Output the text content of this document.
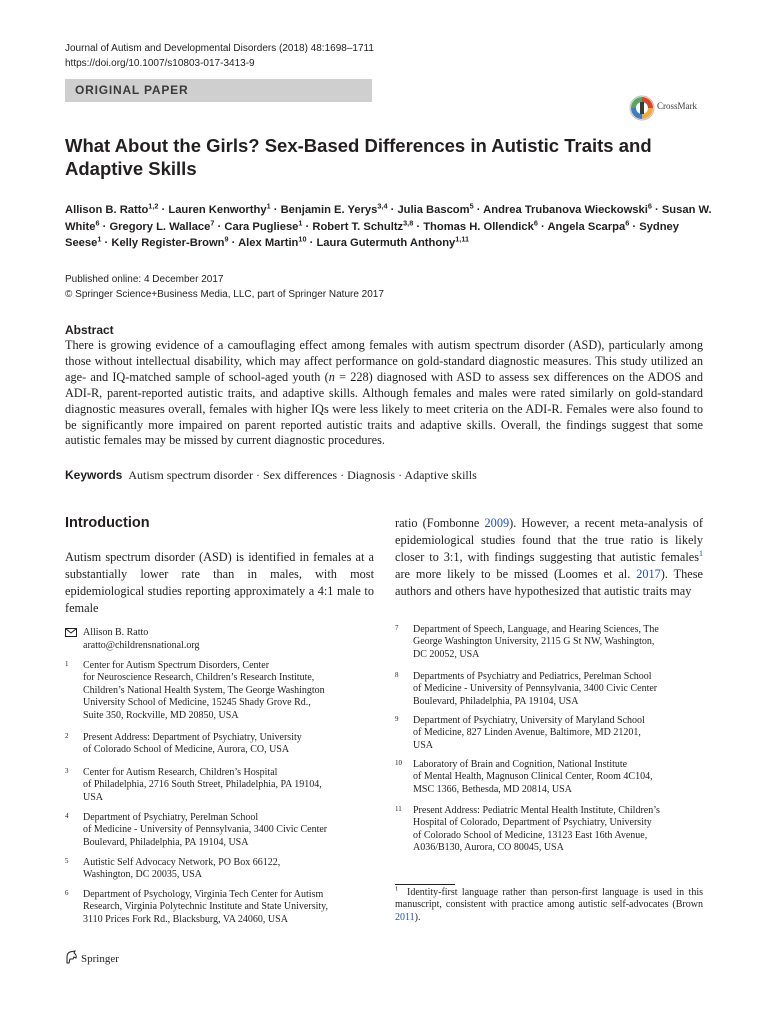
Journal of Autism and Developmental Disorders (2018) 48:1698–1711
https://doi.org/10.1007/s10803-017-3413-9
ORIGINAL PAPER
CrossMark
What About the Girls? Sex-Based Differences in Autistic Traits and Adaptive Skills
Allison B. Ratto$^{1,2}$ · Lauren Kenworthy$^1$ · Benjamin E. Yerys$^{3,4}$ · Julia Bascom$^5$ · Andrea Trubanova Wieckowski$^6$ · Susan W. White$^6$ · Gregory L. Wallace$^7$ · Cara Pugliese$^1$ · Robert T. Schultz$^{3,8}$ · Thomas H. Ollendick$^6$ · Angela Scarpa$^6$ · Sydney Seese$^1$ · Kelly Register-Brown$^9$ · Alex Martin$^{10}$ · Laura Gutermuth Anthony$^{1,11}$
Published online: 4 December 2017
© Springer Science+Business Media, LLC, part of Springer Nature 2017
Abstract
There is growing evidence of a camouflaging effect among females with autism spectrum disorder (ASD), particularly among those without intellectual disability, which may affect performance on gold-standard diagnostic measures. This study utilized an age- and IQ-matched sample of school-aged youth (n = 228) diagnosed with ASD to assess sex differences on the ADOS and ADI-R, parent-reported autistic traits, and adaptive skills. Although females and males were rated similarly on gold-standard diagnostic measures overall, females with higher IQs were less likely to meet criteria on the ADI-R. Females were also found to be significantly more impaired on parent reported autistic traits and adaptive skills. Overall, the findings suggest that some autistic females may be missed by current diagnostic procedures.
Keywords Autism spectrum disorder · Sex differences · Diagnosis · Adaptive skills
Introduction
Autism spectrum disorder (ASD) is identified in females at a substantially lower rate than in males, with most epidemiological studies reporting approximately a 4:1 male to female
ratio (Fombonne 2009). However, a recent meta-analysis of epidemiological studies found that the true ratio is likely closer to 3:1, with findings suggesting that autistic females$^1$ are more likely to be missed (Loomes et al. 2017). These authors and others have hypothesized that autistic traits may
Allison B. Ratto
aratto@childrensnational.org
1 Center for Autism Spectrum Disorders, Center
for Neuroscience Research, Children’s Research Institute,
Children’s National Health System, The George Washington
University School of Medicine, 15245 Shady Grove Rd.,
Suite 350, Rockville, MD 20850, USA
2 Present Address: Department of Psychiatry, University
of Colorado School of Medicine, Aurora, CO, USA
3 Center for Autism Research, Children’s Hospital
of Philadelphia, 2716 South Street, Philadelphia, PA 19104,
USA
4 Department of Psychiatry, Perelman School
of Medicine - University of Pennsylvania, 3400 Civic Center
Boulevard, Philadelphia, PA 19104, USA
5 Autistic Self Advocacy Network, PO Box 66122,
Washington, DC 20035, USA
6 Department of Psychology, Virginia Tech Center for Autism
Research, Virginia Polytechnic Institute and State University,
3110 Prices Fork Rd., Blacksburg, VA 24060, USA
7 Department of Speech, Language, and Hearing Sciences, The
George Washington University, 2115 G St NW, Washington,
DC 20052, USA
8 Departments of Psychiatry and Pediatrics, Perelman School
of Medicine - University of Pennsylvania, 3400 Civic Center
Boulevard, Philadelphia, PA 19104, USA
9 Department of Psychiatry, University of Maryland School
of Medicine, 827 Linden Avenue, Baltimore, MD 21201,
USA
10 Laboratory of Brain and Cognition, National Institute
of Mental Health, Magnuson Clinical Center, Room 4C104,
MSC 1366, Bethesda, MD 20814, USA
11 Present Address: Pediatric Mental Health Institute, Children’s
Hospital of Colorado, Department of Psychiatry, University
of Colorado School of Medicine, 13123 East 16th Avenue,
A036/B130, Aurora, CO 80045, USA
$^1$ Identity-first language rather than person-first language is used in this manuscript, consistent with practice among autistic self-advocates (Brown 2011).
Springer
